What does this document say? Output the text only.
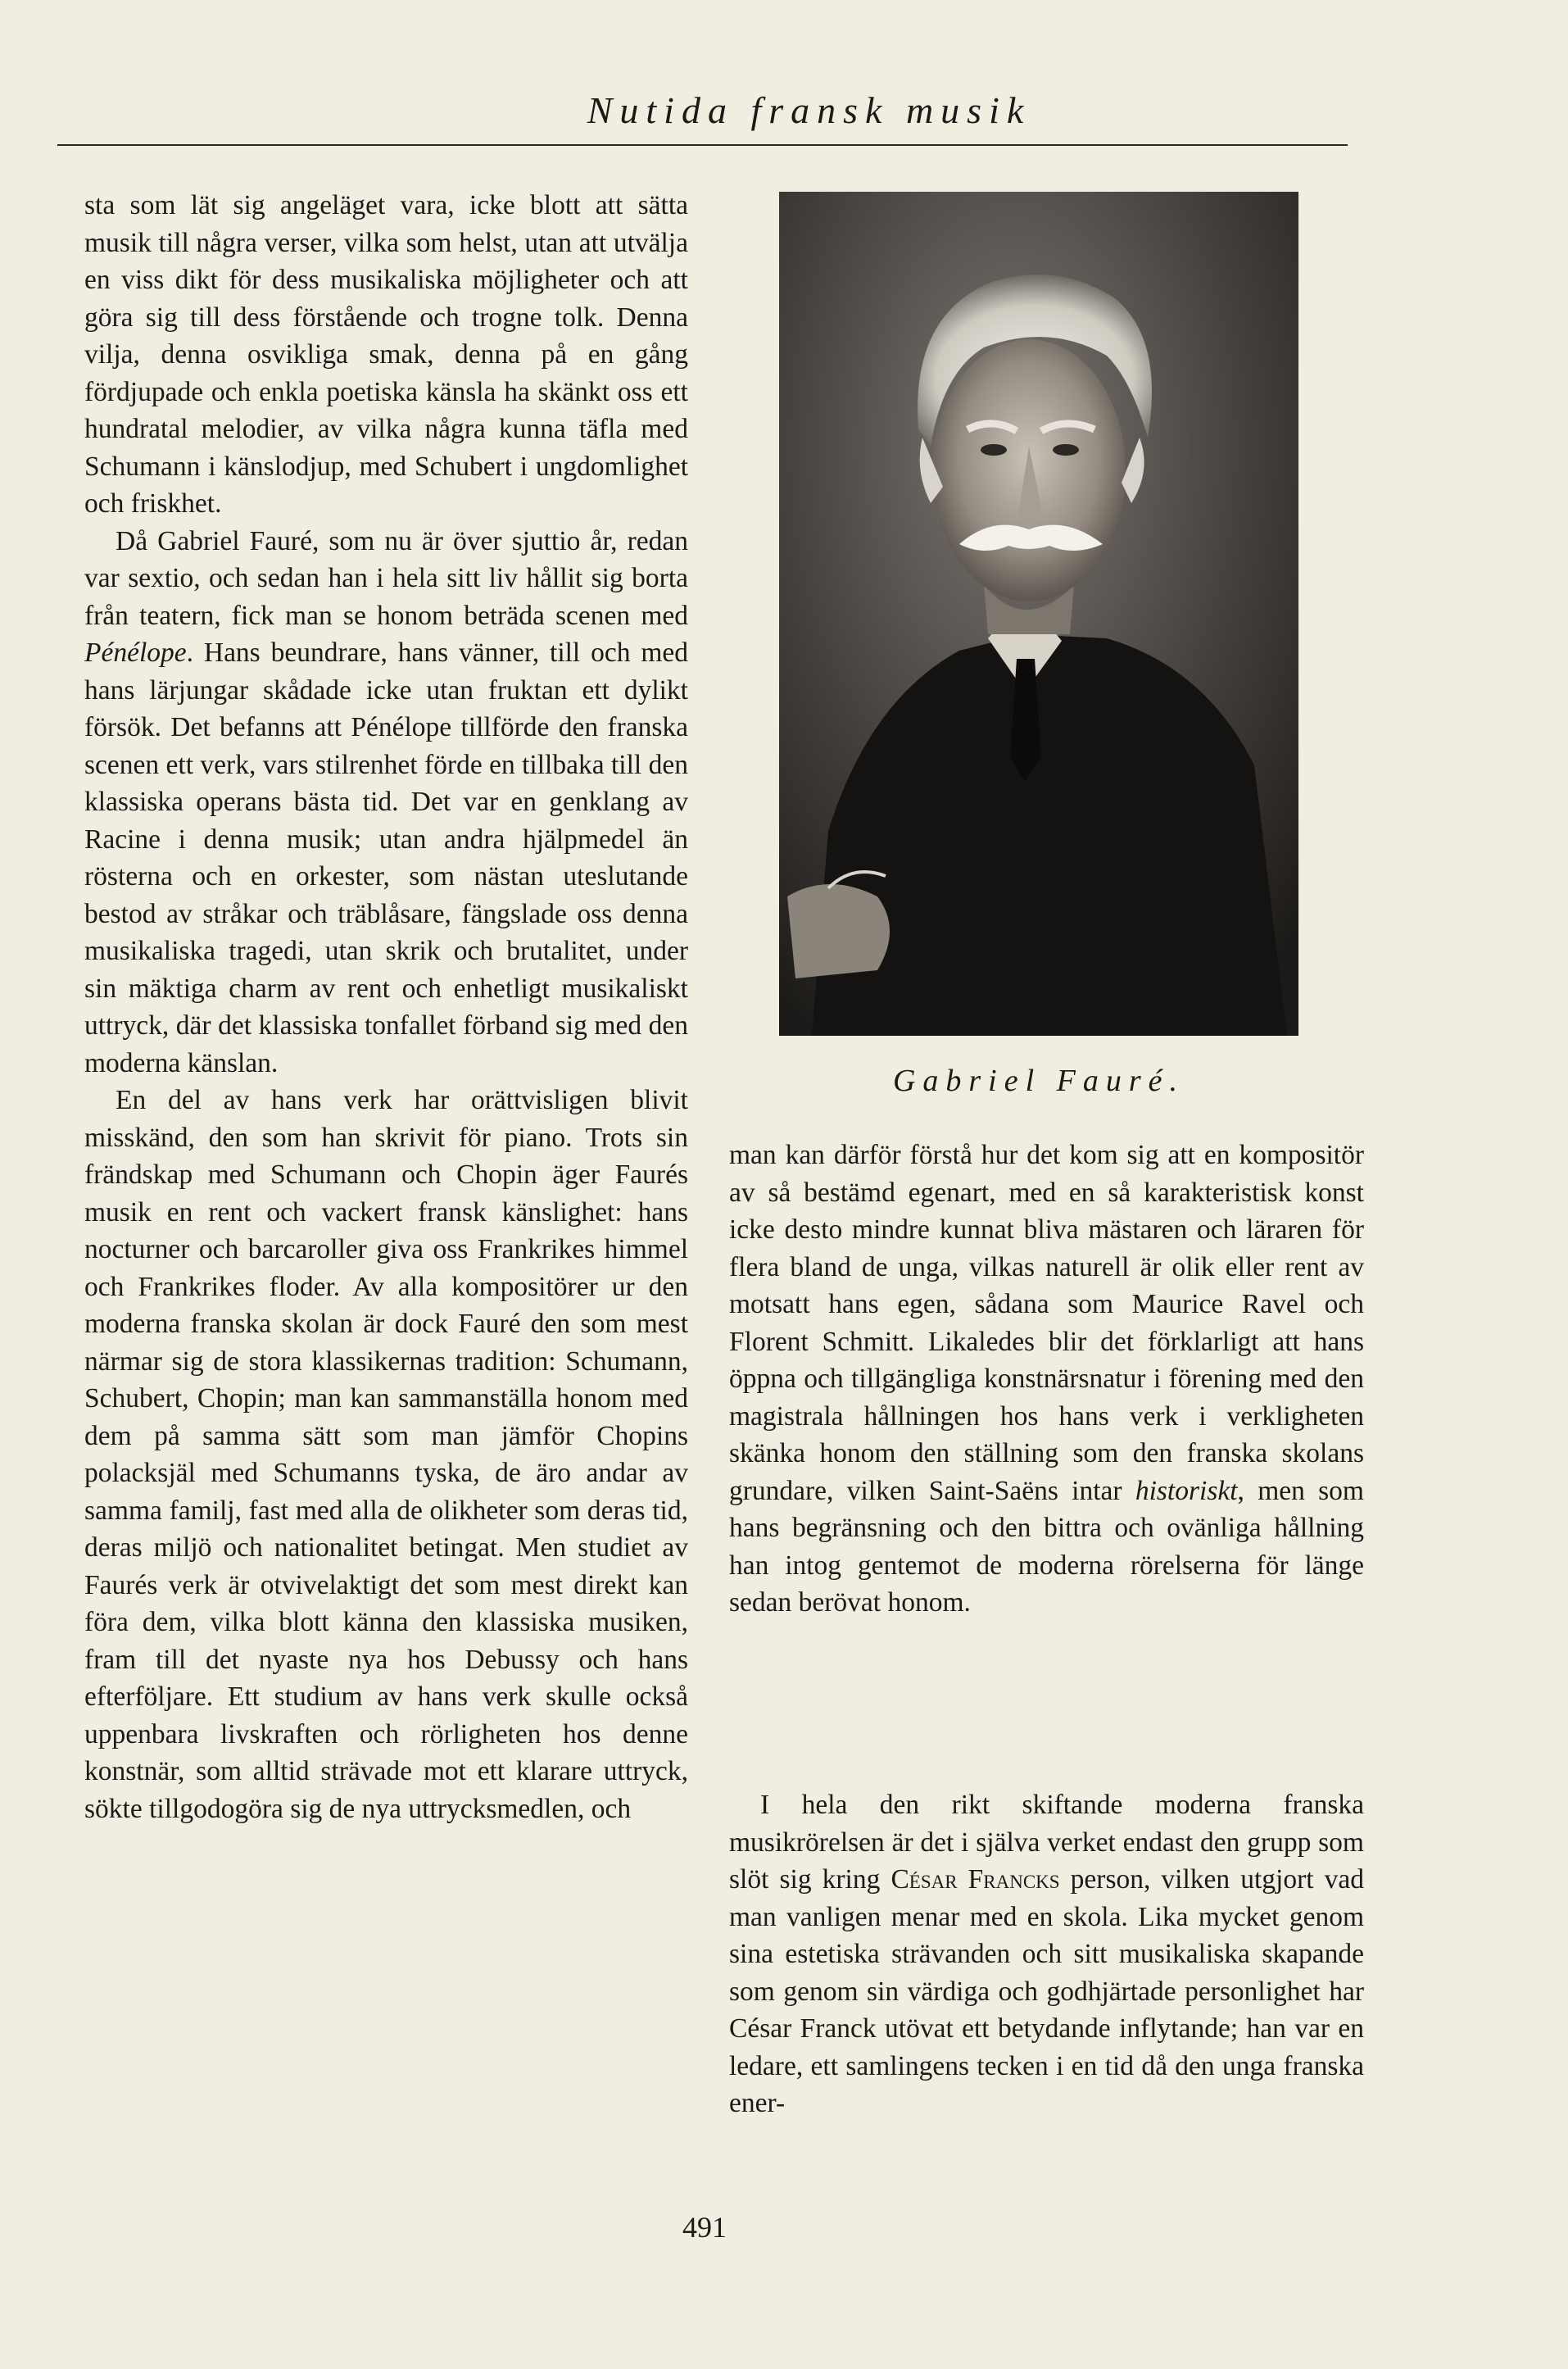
Nutida fransk musik

sta som lät sig angeläget vara, icke blott att sätta musik till några verser, vilka som helst, utan att utvälja en viss dikt för dess musikaliska möjligheter och att göra sig till dess förstående och trogne tolk. Denna vilja, denna osvikliga smak, denna på en gång fördjupade och enkla poetiska känsla ha skänkt oss ett hundratal melodier, av vilka några kunna täfla med Schumann i känslodjup, med Schubert i ungdomlighet och friskhet.

Då Gabriel Fauré, som nu är över sjuttio år, redan var sextio, och sedan han i hela sitt liv hållit sig borta från teatern, fick man se honom beträda scenen med Pénélope. Hans beundrare, hans vänner, till och med hans lärjungar skådade icke utan fruktan ett dylikt försök. Det befanns att Pénélope tillförde den franska scenen ett verk, vars stilrenhet förde en tillbaka till den klassiska operans bästa tid. Det var en genklang av Racine i denna musik; utan andra hjälpmedel än rösterna och en orkester, som nästan uteslutande bestod av stråkar och träblåsare, fängslade oss denna musikaliska tragedi, utan skrik och brutalitet, under sin mäktiga charm av rent och enhetligt musikaliskt uttryck, där det klassiska tonfallet förband sig med den moderna känslan.

En del av hans verk har orättvisligen blivit misskänd, den som han skrivit för piano. Trots sin frändskap med Schumann och Chopin äger Faurés musik en rent och vackert fransk känslighet: hans nocturner och barcaroller giva oss Frankrikes himmel och Frankrikes floder. Av alla kompositörer ur den moderna franska skolan är dock Fauré den som mest närmar sig de stora klassikernas tradition: Schumann, Schubert, Chopin; man kan sammanställa honom med dem på samma sätt som man jämför Chopins polacksjäl med Schumanns tyska, de äro andar av samma familj, fast med alla de olikheter som deras tid, deras miljö och nationalitet betingat. Men studiet av Faurés verk är otvivelaktigt det som mest direkt kan föra dem, vilka blott känna den klassiska musiken, fram till det nyaste nya hos Debussy och hans efterföljare. Ett studium av hans verk skulle också uppenbara livskraften och rörligheten hos denne konstnär, som alltid strävade mot ett klarare uttryck, sökte tillgodogöra sig de nya uttrycksmedlen, och

Gabriel Fauré.

man kan därför förstå hur det kom sig att en kompositör av så bestämd egenart, med en så karakteristisk konst icke desto mindre kunnat bliva mästaren och läraren för flera bland de unga, vilkas naturell är olik eller rent av motsatt hans egen, sådana som Maurice Ravel och Florent Schmitt. Likaledes blir det förklarligt att hans öppna och tillgängliga konstnärsnatur i förening med den magistrala hållningen hos hans verk i verkligheten skänka honom den ställning som den franska skolans grundare, vilken Saint-Saëns intar historiskt, men som hans begränsning och den bittra och ovänliga hållning han intog gentemot de moderna rörelserna för länge sedan berövat honom.

I hela den rikt skiftande moderna franska musikrörelsen är det i själva verket endast den grupp som slöt sig kring César Francks person, vilken utgjort vad man vanligen menar med en skola. Lika mycket genom sina estetiska strävanden och sitt musikaliska skapande som genom sin värdiga och godhjärtade personlighet har César Franck utövat ett betydande inflytande; han var en ledare, ett samlingens tecken i en tid då den unga franska ener-

491
